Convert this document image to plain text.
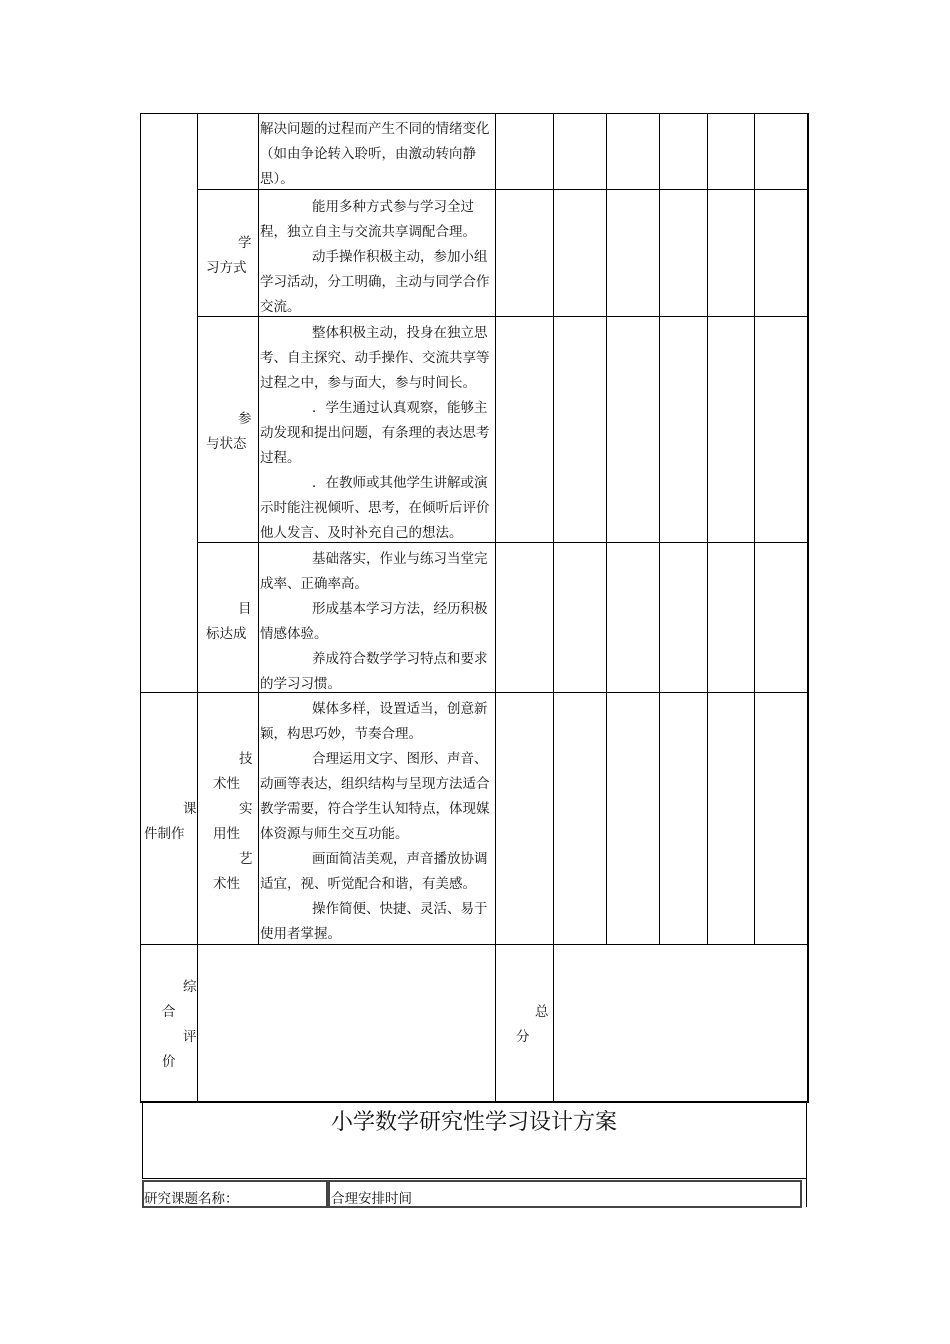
解决问题的过程而产生不同的情绪变化（如由争论转入聆听，由激动转向静思）。

学
习方式

能用多种方式参与学习全过程，独立自主与交流共享调配合理。

动手操作积极主动，参加小组学习活动，分工明确，主动与同学合作交流。

参
与状态

整体积极主动，投身在独立思考、自主探究、动手操作、交流共享等过程之中，参与面大，参与时间长。

．学生通过认真观察，能够主动发现和提出问题，有条理的表达思考过程。

．在教师或其他学生讲解或演示时能注视倾听、思考，在倾听后评价他人发言、及时补充自己的想法。

目
标达成

基础落实，作业与练习当堂完成率、正确率高。

形成基本学习方法，经历积极情感体验。

养成符合数学学习特点和要求的学习习惯。

课
件制作
技
术性
实
用性
艺
术性

媒体多样，设置适当，创意新颖，构思巧妙，节奏合理。

合理运用文字、图形、声音、动画等表达，组织结构与呈现方法适合教学需要，符合学生认知特点，体现媒体资源与师生交互功能。

画面简洁美观，声音播放协调适宜，视、听觉配合和谐，有美感。

操作简便、快捷、灵活、易于使用者掌握。

综
合
评
价
总
分
小学数学研究性学习设计方案
研究课题名称：	合理安排时间
